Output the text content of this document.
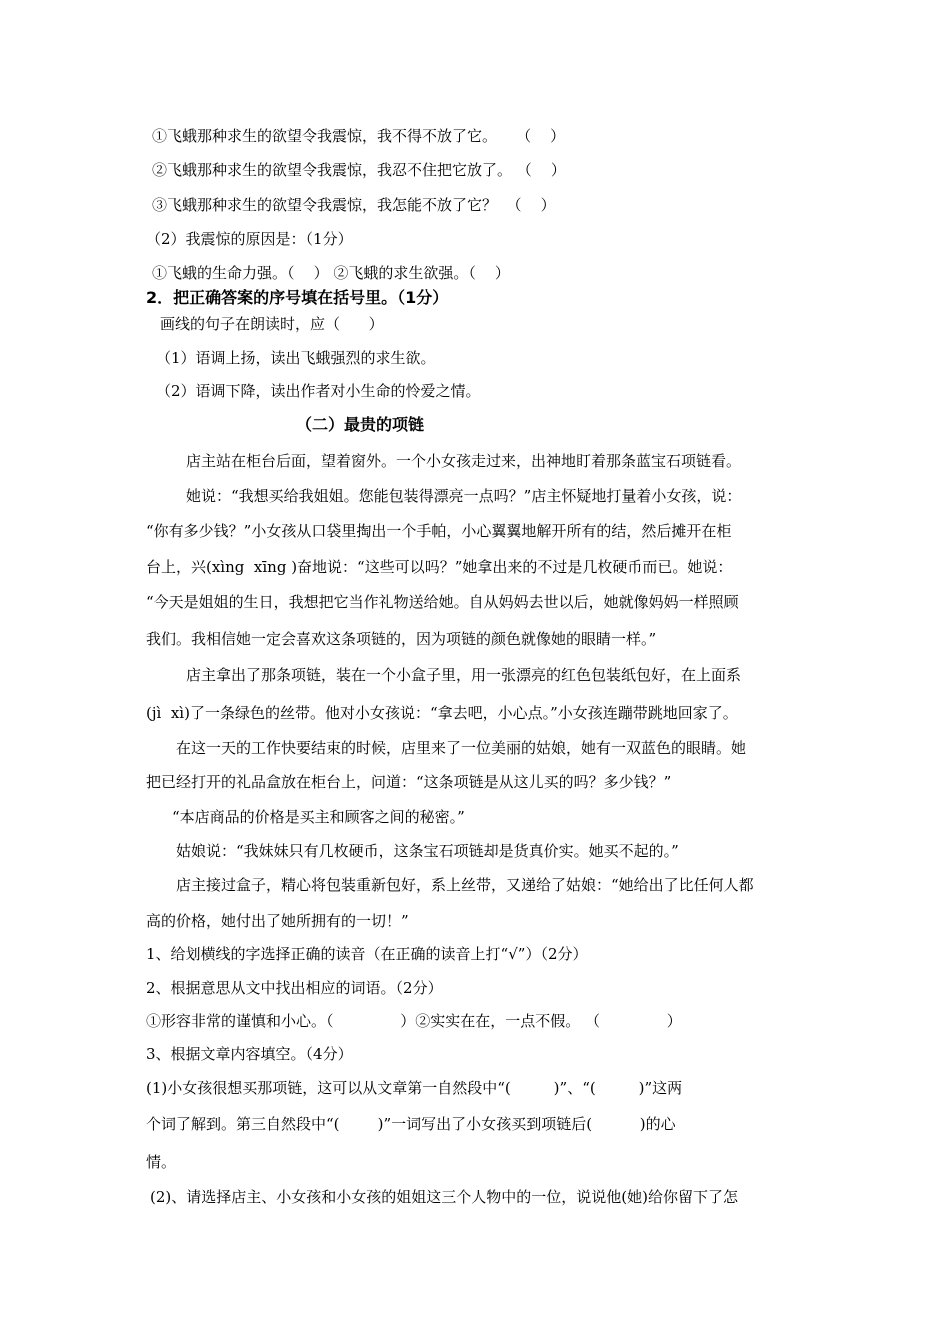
①飞蛾那种求生的欲望令我震惊，我不得不放了它。    （    ）
②飞蛾那种求生的欲望令我震惊，我忍不住把它放了。 （    ）
③飞蛾那种求生的欲望令我震惊，我怎能不放了它？  （    ）
（2）我震惊的原因是：（1分）
①飞蛾的生命力强。（    ） ②飞蛾的求生欲强。（    ）
2．把正确答案的序号填在括号里。（1分）
画线的句子在朗读时，应（      ）
（1）语调上扬，读出飞蛾强烈的求生欲。
（2）语调下降，读出作者对小生命的怜爱之情。
（二）最贵的项链
店主站在柜台后面，望着窗外。一个小女孩走过来，出神地盯着那条蓝宝石项链看。
她说：“我想买给我姐姐。您能包装得漂亮一点吗？”店主怀疑地打量着小女孩，说：
“你有多少钱？”小女孩从口袋里掏出一个手帕，小心翼翼地解开所有的结，然后摊开在柜
台上，兴(xìng  xīng )奋地说：“这些可以吗？”她拿出来的不过是几枚硬币而已。她说：
“今天是姐姐的生日，我想把它当作礼物送给她。自从妈妈去世以后，她就像妈妈一样照顾
我们。我相信她一定会喜欢这条项链的，因为项链的颜色就像她的眼睛一样。”
店主拿出了那条项链，装在一个小盒子里，用一张漂亮的红色包装纸包好，在上面系
(jì  xì)了一条绿色的丝带。他对小女孩说：“拿去吧，小心点。”小女孩连蹦带跳地回家了。
在这一天的工作快要结束的时候，店里来了一位美丽的姑娘，她有一双蓝色的眼睛。她
把已经打开的礼品盒放在柜台上，问道：“这条项链是从这儿买的吗？多少钱？”
“本店商品的价格是买主和顾客之间的秘密。”
姑娘说：“我妹妹只有几枚硬币，这条宝石项链却是货真价实。她买不起的。”
店主接过盒子，精心将包装重新包好，系上丝带，又递给了姑娘：“她给出了比任何人都
高的价格，她付出了她所拥有的一切！”
1、给划横线的字选择正确的读音（在正确的读音上打“√”）（2分）
2、根据意思从文中找出相应的词语。（2分）
①形容非常的谨慎和小心。（              ）②实实在在，一点不假。 （              ）
3、根据文章内容填空。（4分）
(1)小女孩很想买那项链，这可以从文章第一自然段中“(         )”、“(         )”这两
个词了解到。第三自然段中“(        )”一词写出了小女孩买到项链后(          )的心
情。
(2)、请选择店主、小女孩和小女孩的姐姐这三个人物中的一位，说说他(她)给你留下了怎
